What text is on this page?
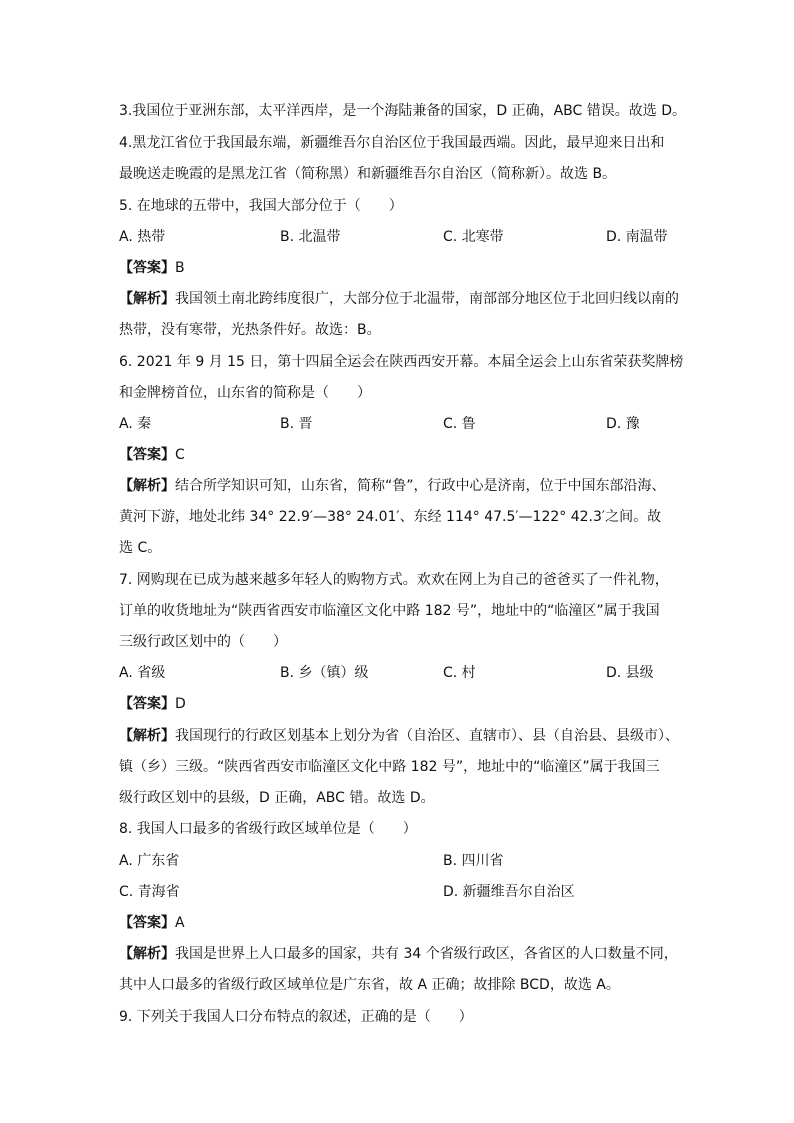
3.我国位于亚洲东部，太平洋西岸，是一个海陆兼备的国家，D 正确，ABC 错误。故选 D。
4.黑龙江省位于我国最东端，新疆维吾尔自治区位于我国最西端。因此，最早迎来日出和
最晚送走晚霞的是黑龙江省（简称黑）和新疆维吾尔自治区（简称新）。故选 B。
5. 在地球的五带中，我国大部分位于（　　）
A. 热带	B. 北温带	C. 北寒带	D. 南温带
【答案】B
【解析】我国领土南北跨纬度很广，大部分位于北温带，南部部分地区位于北回归线以南的
热带，没有寒带，光热条件好。故选：B。
6. 2021 年 9 月 15 日，第十四届全运会在陕西西安开幕。本届全运会上山东省荣获奖牌榜
和金牌榜首位，山东省的简称是（　　）
A. 秦	B. 晋	C. 鲁	D. 豫
【答案】C
【解析】结合所学知识可知，山东省，简称“鲁”，行政中心是济南，位于中国东部沿海、
黄河下游，地处北纬 34° 22.9′—38° 24.01′、东经 114° 47.5′—122° 42.3′之间。故
选 C。
7. 网购现在已成为越来越多年轻人的购物方式。欢欢在网上为自己的爸爸买了一件礼物，
订单的收货地址为“陕西省西安市临潼区文化中路 182 号”，地址中的“临潼区”属于我国
三级行政区划中的（　　）
A. 省级	B. 乡（镇）级	C. 村	D. 县级
【答案】D
【解析】我国现行的行政区划基本上划分为省（自治区、直辖市）、县（自治县、县级市）、
镇（乡）三级。“陕西省西安市临潼区文化中路 182 号”，地址中的“临潼区”属于我国三
级行政区划中的县级，D 正确，ABC 错。故选 D。
8. 我国人口最多的省级行政区域单位是（　　）
A. 广东省	B. 四川省
C. 青海省	D. 新疆维吾尔自治区
【答案】A
【解析】我国是世界上人口最多的国家，共有 34 个省级行政区，各省区的人口数量不同，
其中人口最多的省级行政区域单位是广东省，故 A 正确；故排除 BCD，故选 A。
9. 下列关于我国人口分布特点的叙述，正确的是（　　）
